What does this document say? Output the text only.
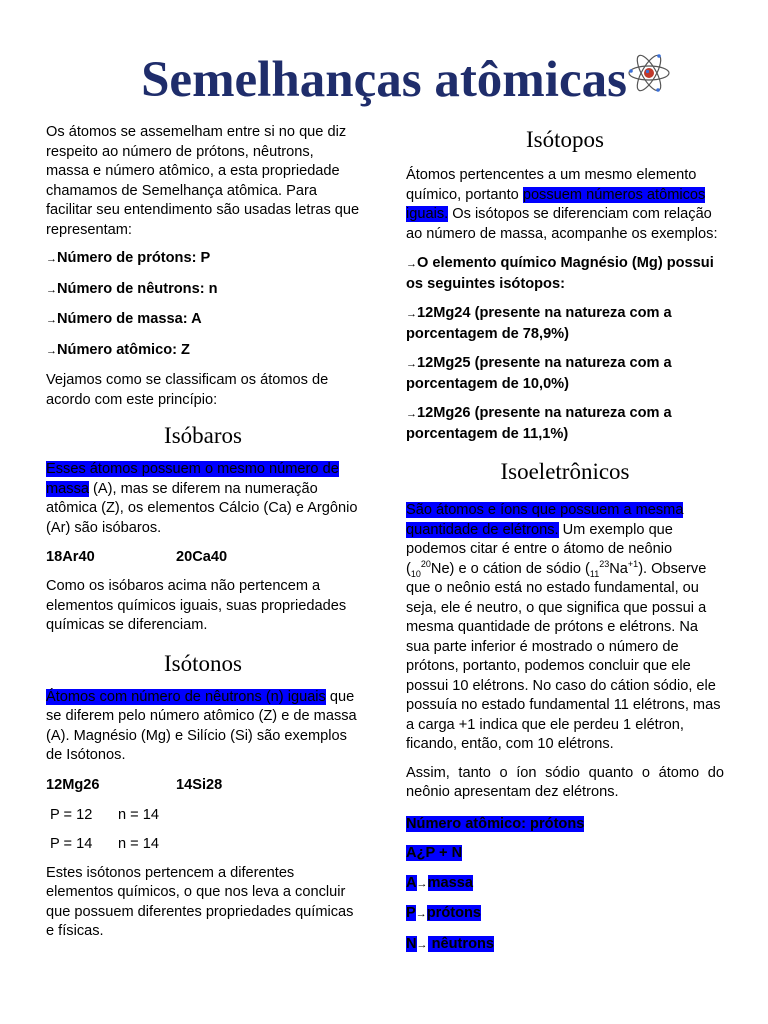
Semelhanças atômicas

Os átomos se assemelham entre si no que diz respeito ao número de prótons, nêutrons, massa e número atômico, a esta propriedade chamamos de Semelhança atômica. Para facilitar seu entendimento são usadas letras que representam:

→Número de prótons: P

→Número de nêutrons: n

→Número de massa: A

→Número atômico: Z

Vejamos como se classificam os átomos de acordo com este princípio:

Isóbaros

Esses átomos possuem o mesmo número de massa (A), mas se diferem na numeração atômica (Z), os elementos Cálcio (Ca) e Argônio (Ar) são isóbaros.

18Ar40	20Ca40

Como os isóbaros acima não pertencem a elementos químicos iguais, suas propriedades químicas se diferenciam.

Isótonos

Átomos com número de nêutrons (n) iguais que se diferem pelo número atômico (Z) e de massa (A). Magnésio (Mg) e Silício (Si) são exemplos de Isótonos.

12Mg26	14Si28
P = 12 n = 14
P = 14 n = 14

Estes isótonos pertencem a diferentes elementos químicos, o que nos leva a concluir que possuem diferentes propriedades químicas e físicas.

Isótopos

Átomos pertencentes a um mesmo elemento químico, portanto possuem números atômicos iguais. Os isótopos se diferenciam com relação ao número de massa, acompanhe os exemplos:

→O elemento químico Magnésio (Mg) possui os seguintes isótopos:

→12Mg24 (presente na natureza com a porcentagem de 78,9%)

→12Mg25 (presente na natureza com a porcentagem de 10,0%)

→12Mg26 (presente na natureza com a porcentagem de 11,1%)

Isoeletrônicos

São átomos e íons que possuem a mesma quantidade de elétrons. Um exemplo que podemos citar é entre o átomo de neônio $(_{10}^{20}Ne)$ e o cátion de sódio $(_{11}^{23}Na^{+1})$. Observe que o neônio está no estado fundamental, ou seja, ele é neutro, o que significa que possui a mesma quantidade de prótons e elétrons. Na sua parte inferior é mostrado o número de prótons, portanto, podemos concluir que ele possui 10 elétrons. No caso do cátion sódio, ele possuía no estado fundamental 11 elétrons, mas a carga +1 indica que ele perdeu 1 elétron, ficando, então, com 10 elétrons.

Assim, tanto o íon sódio quanto o átomo do neônio apresentam dez elétrons.

Número atômico: prótons

A¿P + N

A→massa

P→prótons

N→ nêutrons
